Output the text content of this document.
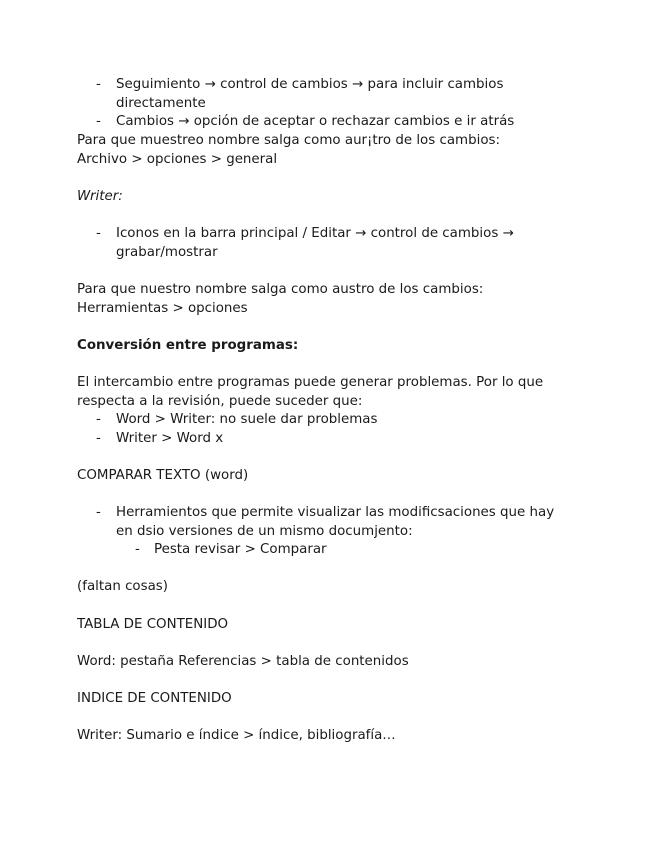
- Seguimiento → control de cambios → para incluir cambios
directamente
- Cambios → opción de aceptar o rechazar cambios e ir atrás
Para que muestreo nombre salga como aur¡tro de los cambios:
Archivo > opciones > general
Writer:
- Iconos en la barra principal / Editar → control de cambios →
grabar/mostrar
Para que nuestro nombre salga como austro de los cambios:
Herramientas > opciones
Conversión entre programas:
El intercambio entre programas puede generar problemas. Por lo que
respecta a la revisión, puede suceder que:
- Word > Writer: no suele dar problemas
- Writer > Word x
COMPARAR TEXTO (word)
- Herramientos que permite visualizar las modificsaciones que hay
en dsio versiones de un mismo documjento:
- Pesta revisar > Comparar
(faltan cosas)
TABLA DE CONTENIDO
Word: pestaña Referencias > tabla de contenidos
INDICE DE CONTENIDO
Writer: Sumario e índice > índice, bibliografía…
